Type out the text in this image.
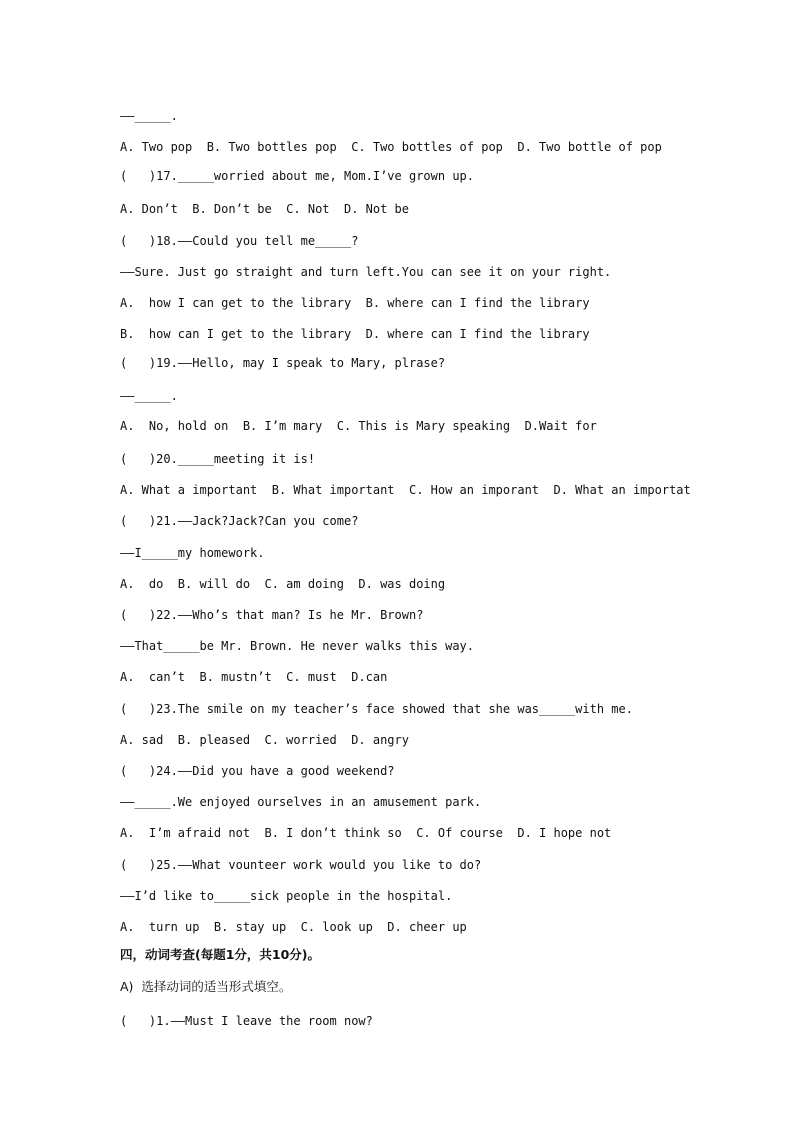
——_____.
A. Two pop  B. Two bottles pop  C. Two bottles of pop  D. Two bottle of pop
(   )17._____worried about me, Mom.I’ve grown up.
A. Don’t  B. Don’t be  C. Not  D. Not be
(   )18.——Could you tell me_____?
——Sure. Just go straight and turn left.You can see it on your right.
A.  how I can get to the library  B. where can I find the library
B.  how can I get to the library  D. where can I find the library
(   )19.——Hello, may I speak to Mary, plrase?
——_____.
A.  No, hold on  B. I’m mary  C. This is Mary speaking  D.Wait for
(   )20._____meeting it is!
A. What a important  B. What important  C. How an imporant  D. What an importat
(   )21.——Jack?Jack?Can you come?
——I_____my homework.
A.  do  B. will do  C. am doing  D. was doing
(   )22.——Who’s that man? Is he Mr. Brown?
——That_____be Mr. Brown. He never walks this way.
A.  can’t  B. mustn’t  C. must  D.can
(   )23.The smile on my teacher’s face showed that she was_____with me.
A. sad  B. pleased  C. worried  D. angry
(   )24.——Did you have a good weekend?
——_____.We enjoyed ourselves in an amusement park.
A.  I’m afraid not  B. I don’t think so  C. Of course  D. I hope not
(   )25.——What vounteer work would you like to do?
——I’d like to_____sick people in the hospital.
A.  turn up  B. stay up  C. look up  D. cheer up
四，动词考查(每题1分，共10分)。
A)  选择动词的适当形式填空。
(   )1.——Must I leave the room now?
